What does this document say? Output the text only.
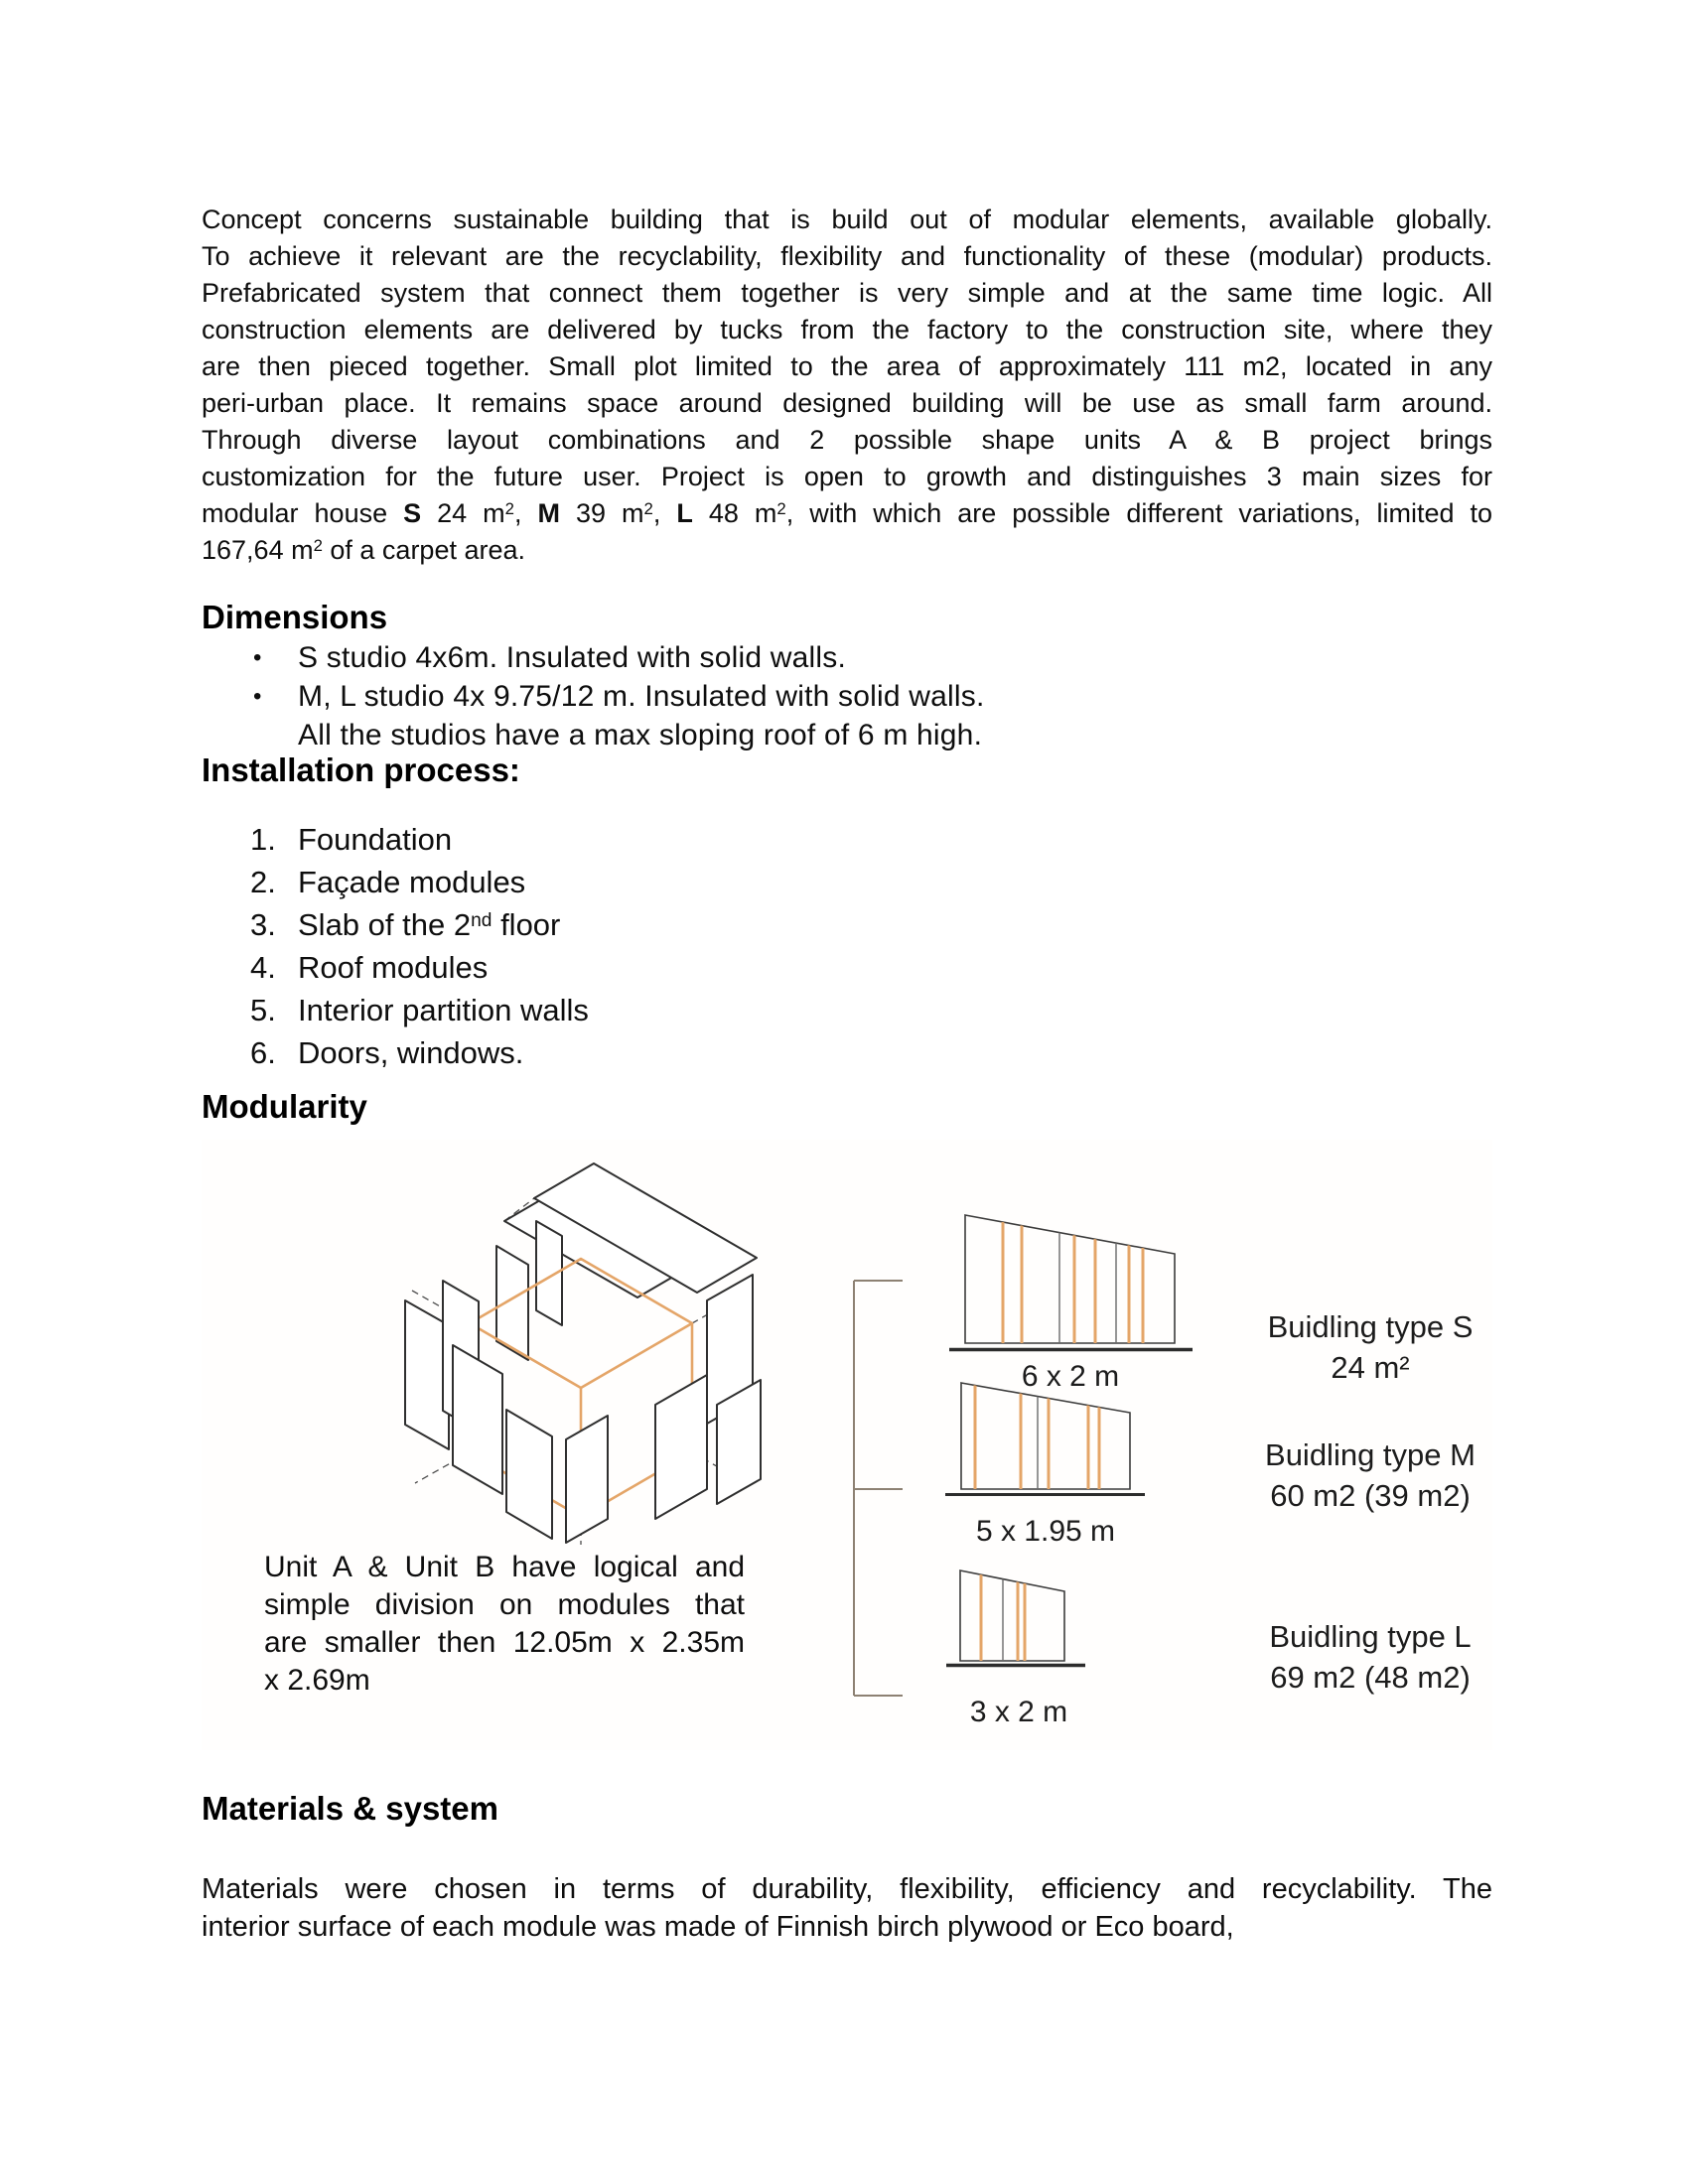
Concept concerns sustainable building that is build out of modular elements, available globally.
To achieve it relevant are the recyclability, flexibility and functionality of these (modular) products.
Prefabricated system that connect them together is very simple and at the same time logic. All
construction elements are delivered by tucks from the factory to the construction site, where they
are then pieced together. Small plot limited to the area of approximately 111 m2, located in any
peri-urban place. It remains space around designed building will be use as small farm around.
Through diverse layout combinations and 2 possible shape units A & B project brings
customization for the future user. Project is open to growth and distinguishes 3 main sizes for
modular house S 24 $m^2$, M 39 $m^2$, L 48 $m^2$, with which are possible different variations, limited to
167,64 $m^2$ of a carpet area.
Dimensions
•	S studio 4x6m. Insulated with solid walls.
•	M, L studio 4x 9.75/12 m. Insulated with solid walls.
All the studios have a max sloping roof of 6 m high.
Installation process:
1. Foundation
2. Façade modules
3. Slab of the 2nd floor
4. Roof modules
5. Interior partition walls
6. Doors, windows.
Modularity
Materials & system
Materials were chosen in terms of durability, flexibility, efficiency and recyclability. The
interior surface of each module was made of Finnish birch plywood or Eco board,
Unit A & Unit B have logical and
simple division on modules that
are smaller then 12.05m x 2.35m
x 2.69m
6 x 2 m
Buidling type S
24 m²
5 x 1.95 m
Buidling type M
60 m2 (39 m2)
3 x 2 m
Buidling type L
69 m2 (48 m2)
